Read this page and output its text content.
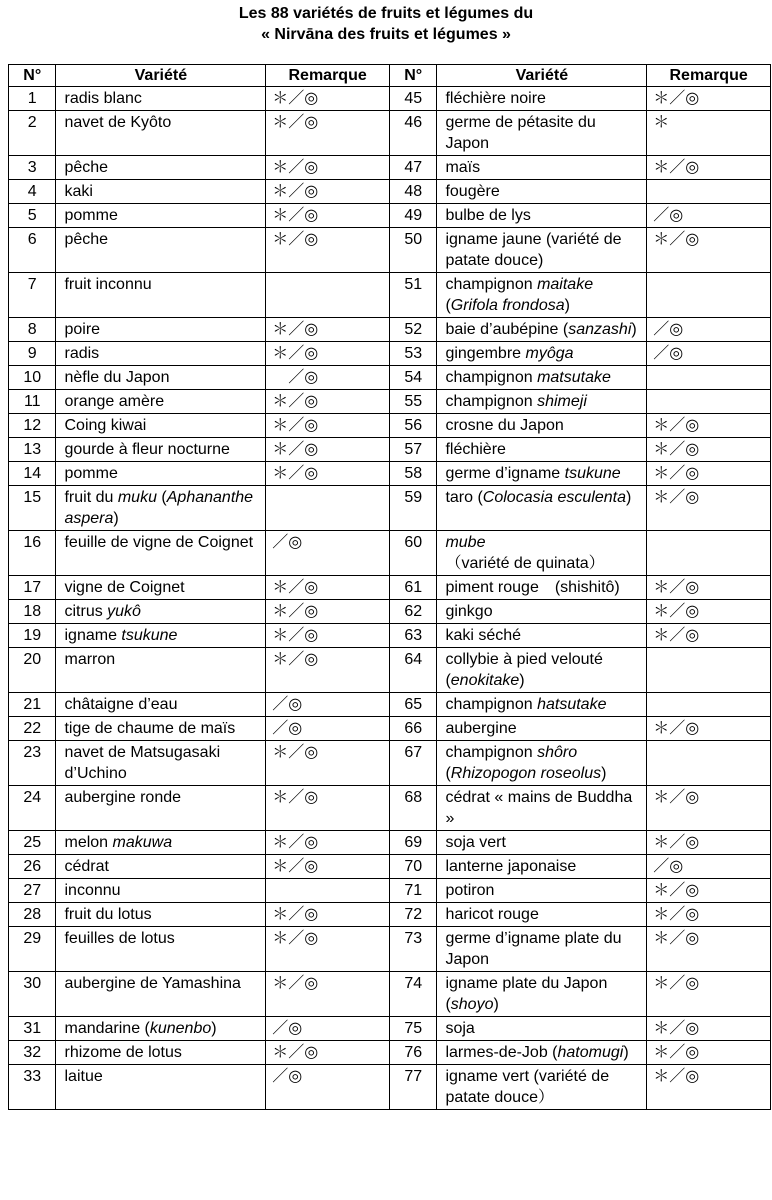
Les 88 variétés de fruits et légumes du
« Nirvāna des fruits et légumes »
N°	Variété	Remarque	N°	Variété	Remarque
1	radis blanc	＊／◎	45	fléchière noire	＊／◎
2	navet de Kyôto	＊／◎	46	germe de pétasite du Japon	＊
3	pêche	＊／◎	47	maïs	＊／◎
4	kaki	＊／◎	48	fougère	
5	pomme	＊／◎	49	bulbe de lys	／◎
6	pêche	＊／◎	50	igname jaune (variété de patate douce)	＊／◎
7	fruit inconnu		51	champignon maitake (Grifola frondosa)	
8	poire	＊／◎	52	baie d’aubépine (sanzashi)	／◎
9	radis	＊／◎	53	gingembre myôga	／◎
10	nèfle du Japon	　／◎	54	champignon matsutake	
11	orange amère	＊／◎	55	champignon shimeji	
12	Coing kiwai	＊／◎	56	crosne du Japon	＊／◎
13	gourde à fleur nocturne	＊／◎	57	fléchière	＊／◎
14	pomme	＊／◎	58	germe d’igname tsukune	＊／◎
15	fruit du muku (Aphananthe aspera)		59	taro (Colocasia esculenta)	＊／◎
16	feuille de vigne de Coignet	／◎	60	mube（variété de quinata）	
17	vigne de Coignet	＊／◎	61	piment rouge　(shishitô)	＊／◎
18	citrus yukô	＊／◎	62	ginkgo	＊／◎
19	igname tsukune	＊／◎	63	kaki séché	＊／◎
20	marron	＊／◎	64	collybie à pied velouté (enokitake)	
21	châtaigne d’eau	／◎	65	champignon hatsutake	
22	tige de chaume de maïs	／◎	66	aubergine	＊／◎
23	navet de Matsugasaki d’Uchino	＊／◎	67	champignon shôro (Rhizopogon roseolus)	
24	aubergine ronde	＊／◎	68	cédrat « mains de Buddha »	＊／◎
25	melon makuwa	＊／◎	69	soja vert	＊／◎
26	cédrat	＊／◎	70	lanterne japonaise	／◎
27	inconnu		71	potiron	＊／◎
28	fruit du lotus	＊／◎	72	haricot rouge	＊／◎
29	feuilles de lotus	＊／◎	73	germe d’igname plate du Japon	＊／◎
30	aubergine de Yamashina	＊／◎	74	igname plate du Japon (shoyo)	＊／◎
31	mandarine (kunenbo)	／◎	75	soja	＊／◎
32	rhizome de lotus	＊／◎	76	larmes-de-Job (hatomugi)	＊／◎
33	laitue	／◎	77	igname vert (variété de patate douce）	＊／◎
